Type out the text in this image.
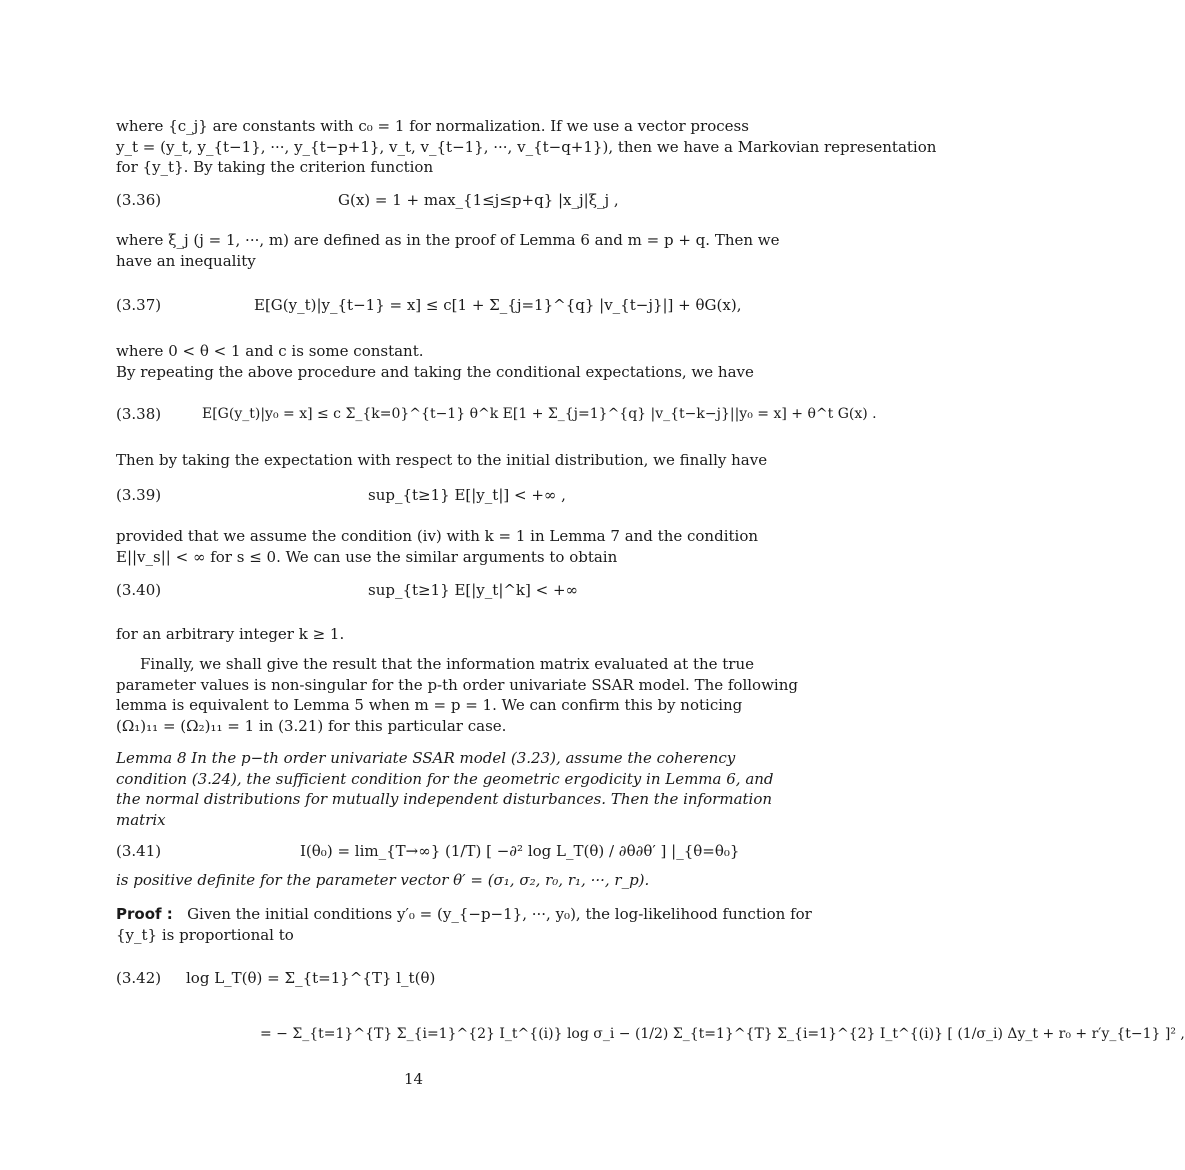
where {c_j} are constants with c₀ = 1 for normalization. If we use a vector process
y_t = (y_t, y_{t−1}, ···, y_{t−p+1}, v_t, v_{t−1}, ···, v_{t−q+1}), then we have a Markovian representation
for {y_t}. By taking the criterion function
(3.36)	G(x) = 1 + max_{1≤j≤p+q} |x_j|ξ_j ,
where ξ_j (j = 1, ···, m) are defined as in the proof of Lemma 6 and m = p + q. Then we
have an inequality
(3.37)	E[G(y_t)|y_{t−1} = x] ≤ c[1 + Σ_{j=1}^{q} |v_{t−j}|] + θG(x),
where 0 < θ < 1 and c is some constant.
By repeating the above procedure and taking the conditional expectations, we have
(3.38)	E[G(y_t)|y₀ = x] ≤ c Σ_{k=0}^{t−1} θ^k E[1 + Σ_{j=1}^{q} |v_{t−k−j}||y₀ = x] + θ^t G(x) .
Then by taking the expectation with respect to the initial distribution, we finally have
(3.39)	sup_{t≥1} E[|y_t|] < +∞ ,
provided that we assume the condition (iv) with k = 1 in Lemma 7 and the condition
E||v_s|| < ∞ for s ≤ 0. We can use the similar arguments to obtain
(3.40)	sup_{t≥1} E[|y_t|^k] < +∞
for an arbitrary integer k ≥ 1.
Finally, we shall give the result that the information matrix evaluated at the true
parameter values is non-singular for the p-th order univariate SSAR model. The following
lemma is equivalent to Lemma 5 when m = p = 1. We can confirm this by noticing
(Ω₁)₁₁ = (Ω₂)₁₁ = 1 in (3.21) for this particular case.
Lemma 8 In the p−th order univariate SSAR model (3.23), assume the coherency
condition (3.24), the sufficient condition for the geometric ergodicity in Lemma 6, and
the normal distributions for mutually independent disturbances. Then the information
matrix
(3.41)	I(θ₀) = lim_{T→∞} (1/T) [ −∂² log L_T(θ) / ∂θ∂θ′ ] |_{θ=θ₀}
is positive definite for the parameter vector θ′ = (σ₁, σ₂, r₀, r₁, ···, r_p).
Proof : Given the initial conditions y′₀ = (y_{−p−1}, ···, y₀), the log-likelihood function for
{y_t} is proportional to
(3.42) log L_T(θ) = Σ_{t=1}^{T} l_t(θ)
= − Σ_{t=1}^{T} Σ_{i=1}^{2} I_t^{(i)} log σ_i − (1/2) Σ_{t=1}^{T} Σ_{i=1}^{2} I_t^{(i)} [ (1/σ_i) Δy_t + r₀ + r′y_{t−1} ]² ,
14
